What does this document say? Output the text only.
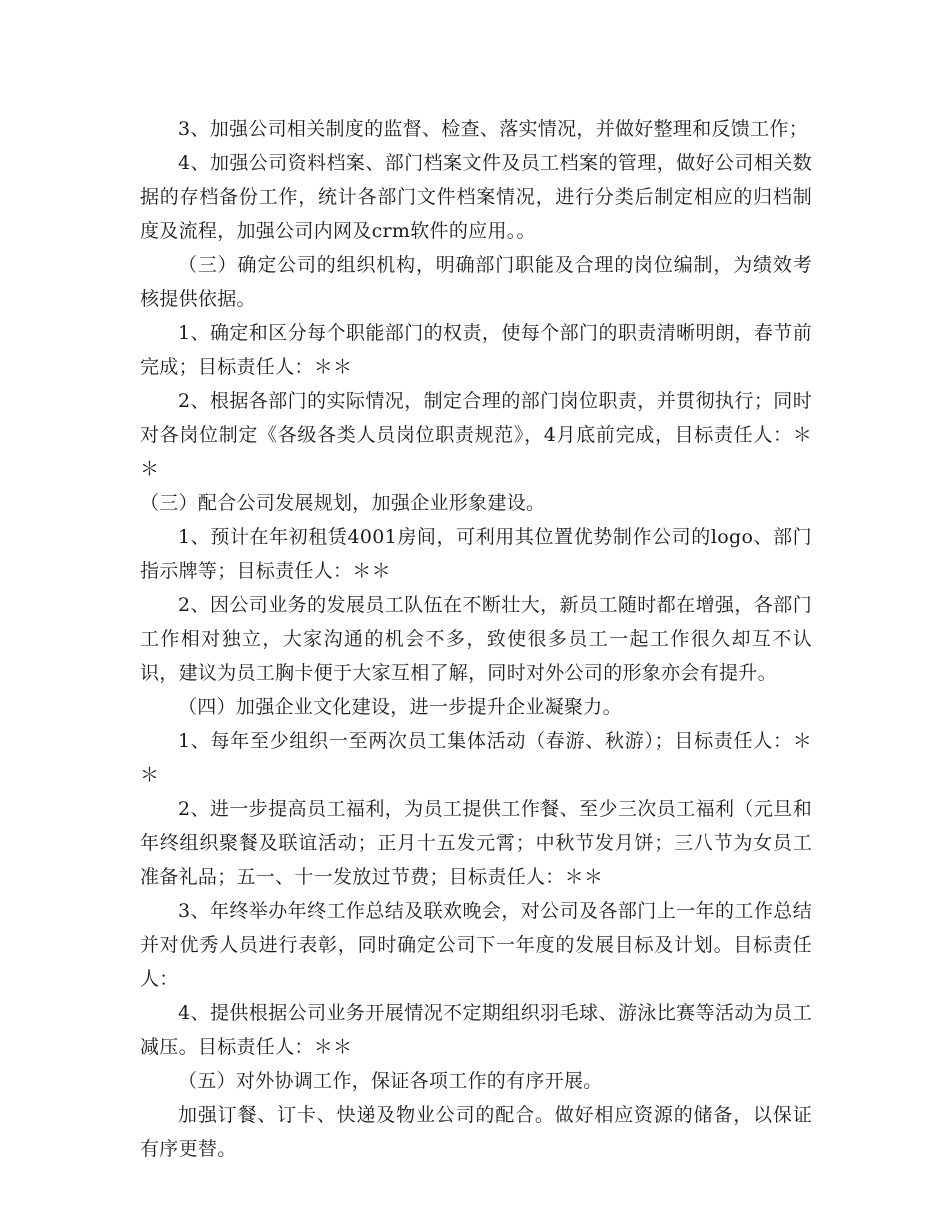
3、加强公司相关制度的监督、检查、落实情况，并做好整理和反馈工作；

4、加强公司资料档案、部门档案文件及员工档案的管理，做好公司相关数据的存档备份工作，统计各部门文件档案情况，进行分类后制定相应的归档制度及流程，加强公司内网及crm软件的应用。。

（三）确定公司的组织机构，明确部门职能及合理的岗位编制，为绩效考核提供依据。

1、确定和区分每个职能部门的权责，使每个部门的职责清晰明朗，春节前完成；目标责任人：＊＊

2、根据各部门的实际情况，制定合理的部门岗位职责，并贯彻执行；同时对各岗位制定《各级各类人员岗位职责规范》，4月底前完成，目标责任人：＊＊

（三）配合公司发展规划，加强企业形象建设。

1、预计在年初租赁4001房间，可利用其位置优势制作公司的logo、部门指示牌等；目标责任人：＊＊

2、因公司业务的发展员工队伍在不断壮大，新员工随时都在增强，各部门工作相对独立，大家沟通的机会不多，致使很多员工一起工作很久却互不认识，建议为员工胸卡便于大家互相了解，同时对外公司的形象亦会有提升。

（四）加强企业文化建设，进一步提升企业凝聚力。

1、每年至少组织一至两次员工集体活动（春游、秋游）；目标责任人：＊＊

2、进一步提高员工福利，为员工提供工作餐、至少三次员工福利（元旦和年终组织聚餐及联谊活动；正月十五发元霄；中秋节发月饼；三八节为女员工准备礼品；五一、十一发放过节费；目标责任人：＊＊

3、年终举办年终工作总结及联欢晚会，对公司及各部门上一年的工作总结并对优秀人员进行表彰，同时确定公司下一年度的发展目标及计划。目标责任人：

4、提供根据公司业务开展情况不定期组织羽毛球、游泳比赛等活动为员工减压。目标责任人：＊＊

（五）对外协调工作，保证各项工作的有序开展。

加强订餐、订卡、快递及物业公司的配合。做好相应资源的储备，以保证有序更替。
